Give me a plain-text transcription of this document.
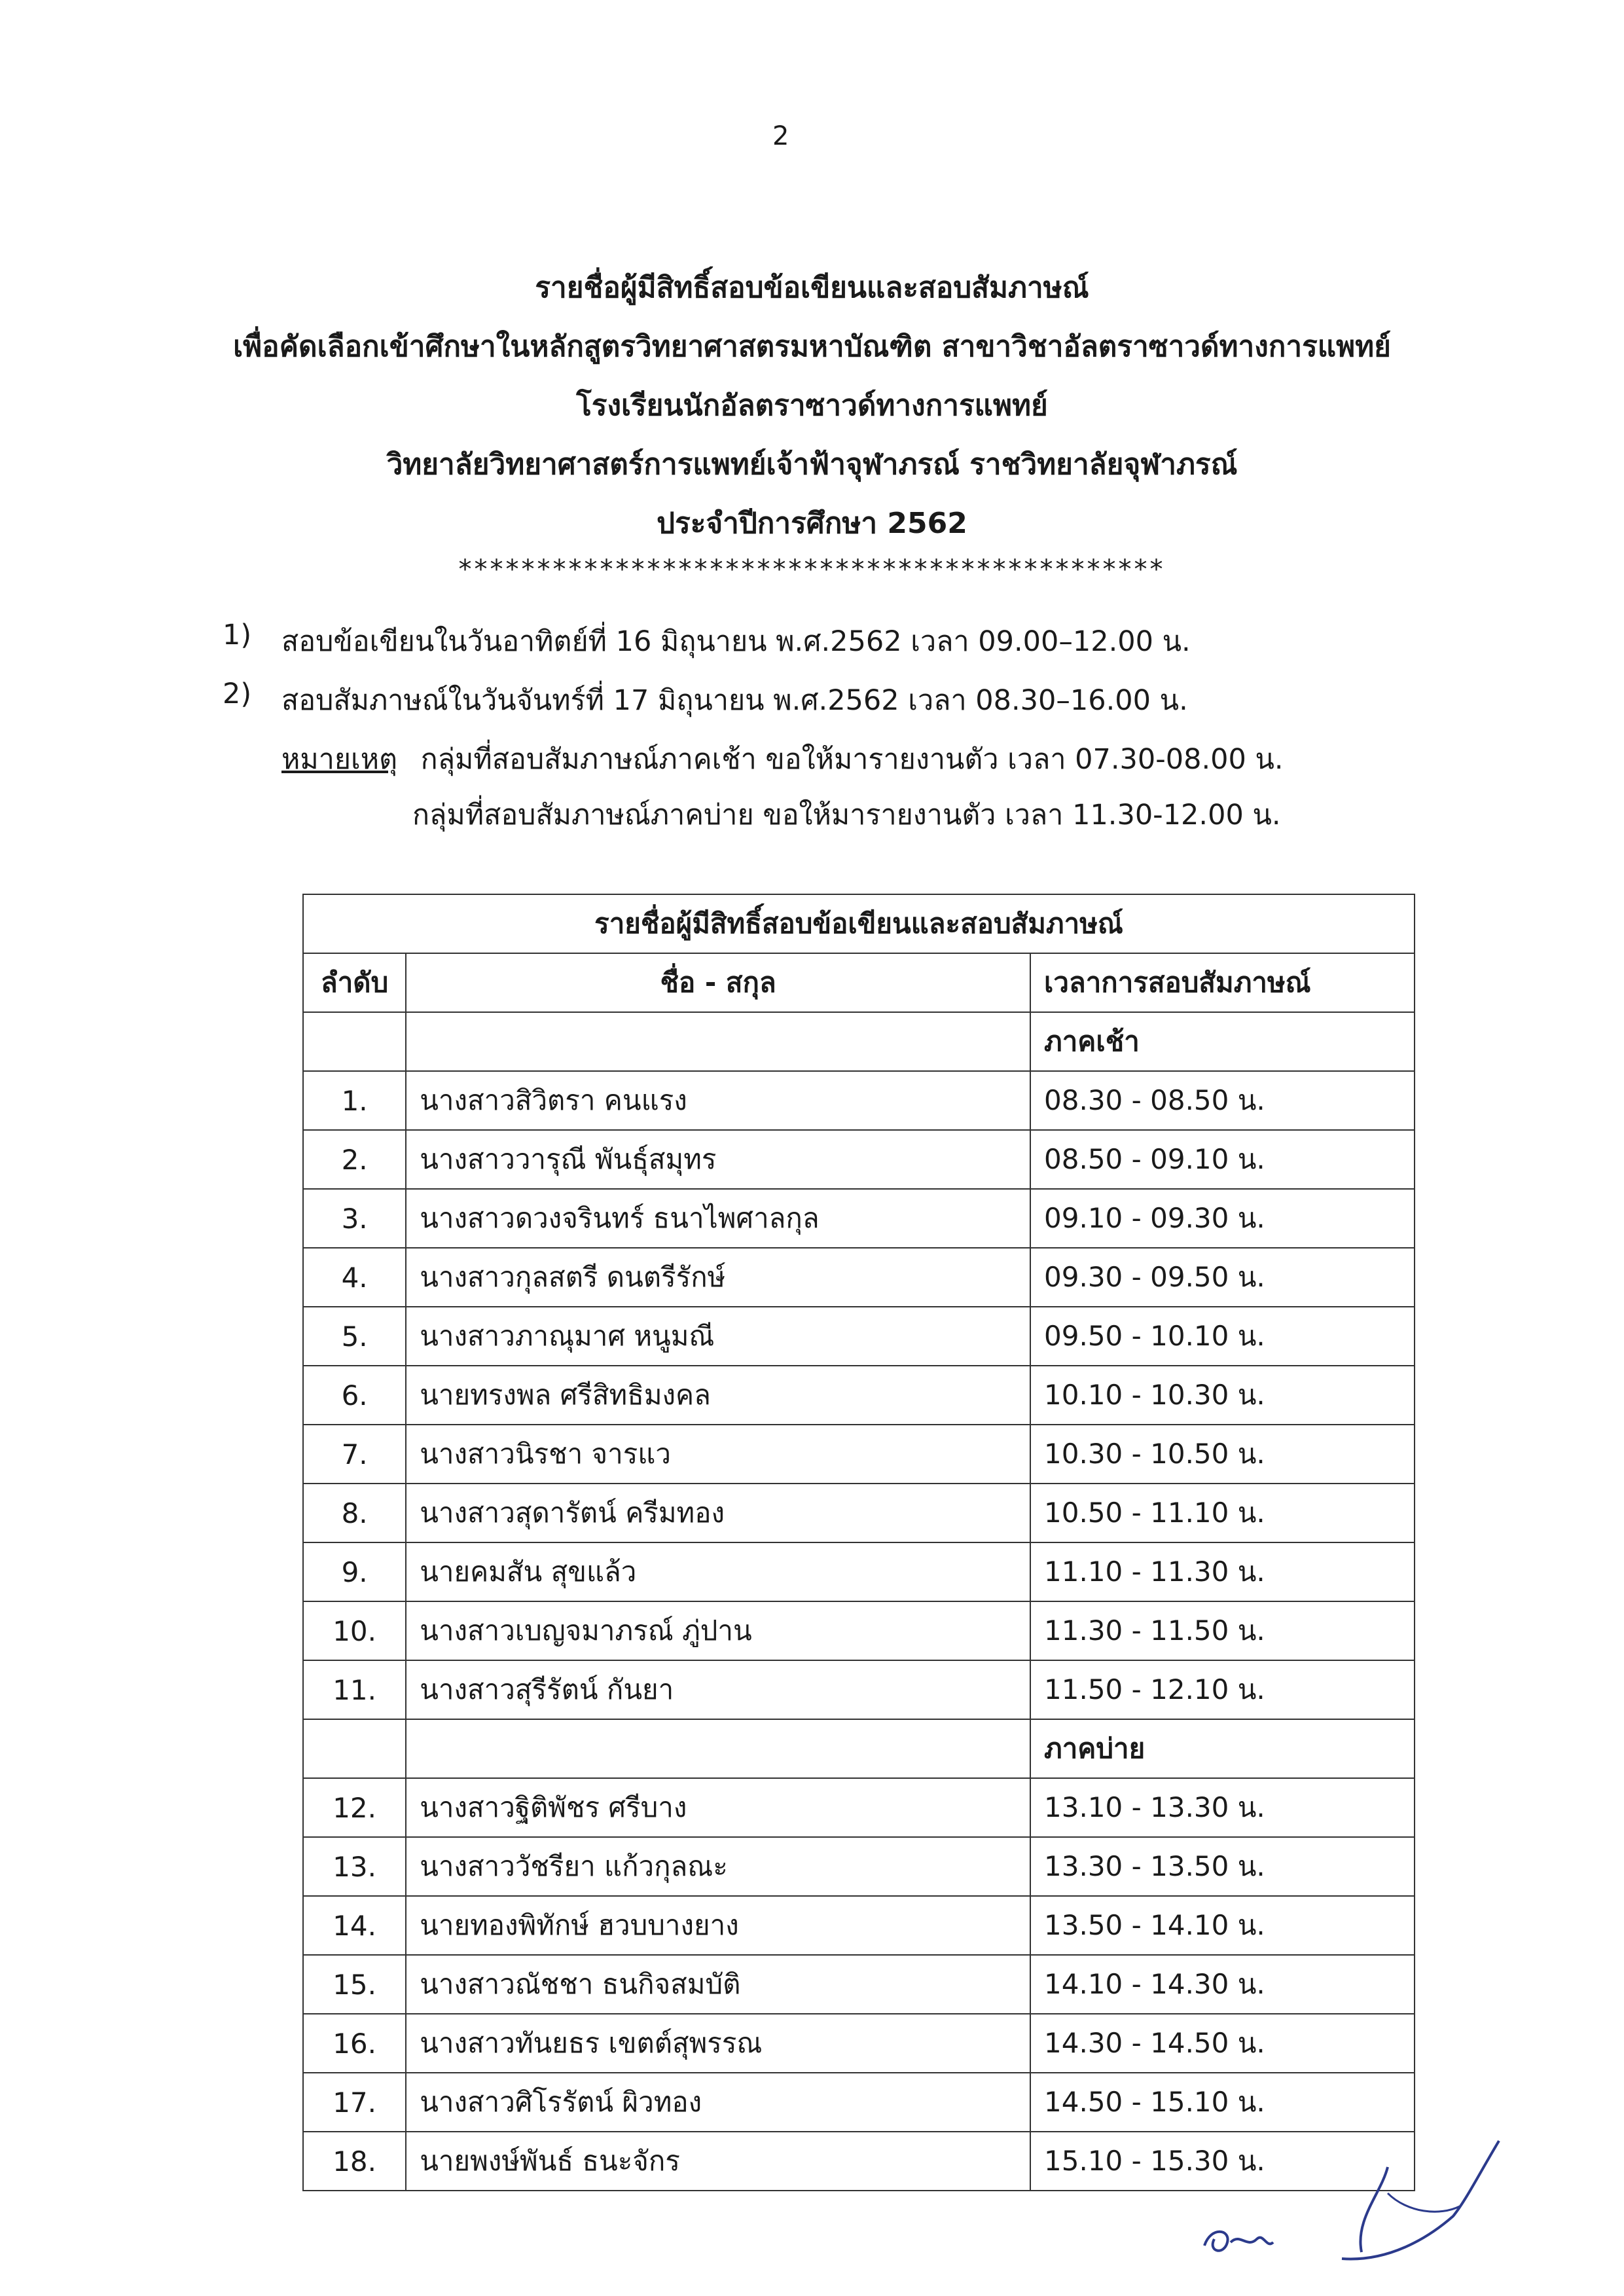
2
รายชื่อผู้มีสิทธิ์สอบข้อเขียนและสอบสัมภาษณ์
เพื่อคัดเลือกเข้าศึกษาในหลักสูตรวิทยาศาสตรมหาบัณฑิต สาขาวิชาอัลตราซาวด์ทางการแพทย์
โรงเรียนนักอัลตราซาวด์ทางการแพทย์
วิทยาลัยวิทยาศาสตร์การแพทย์เจ้าฟ้าจุฬาภรณ์ ราชวิทยาลัยจุฬาภรณ์
ประจำปีการศึกษา 2562
*********************************************
1) สอบข้อเขียนในวันอาทิตย์ที่ 16 มิถุนายน พ.ศ.2562 เวลา 09.00–12.00 น.
2) สอบสัมภาษณ์ในวันจันทร์ที่ 17 มิถุนายน พ.ศ.2562 เวลา 08.30–16.00 น.
หมายเหตุ กลุ่มที่สอบสัมภาษณ์ภาคเช้า ขอให้มารายงานตัว เวลา 07.30-08.00 น.
กลุ่มที่สอบสัมภาษณ์ภาคบ่าย ขอให้มารายงานตัว เวลา 11.30-12.00 น.
รายชื่อผู้มีสิทธิ์สอบข้อเขียนและสอบสัมภาษณ์		
ลำดับ	ชื่อ - สกุล	เวลาการสอบสัมภาษณ์
		ภาคเช้า
1.	นางสาวสิวิตรา คนแรง	08.30 - 08.50 น.
2.	นางสาววารุณี พันธุ์สมุทร	08.50 - 09.10 น.
3.	นางสาวดวงจรินทร์ ธนาไพศาลกุล	09.10 - 09.30 น.
4.	นางสาวกุลสตรี ดนตรีรักษ์	09.30 - 09.50 น.
5.	นางสาวภาณุมาศ หนูมณี	09.50 - 10.10 น.
6.	นายทรงพล ศรีสิทธิมงคล	10.10 - 10.30 น.
7.	นางสาวนิรชา จารแว	10.30 - 10.50 น.
8.	นางสาวสุดารัตน์ ครีมทอง	10.50 - 11.10 น.
9.	นายคมสัน สุขแล้ว	11.10 - 11.30 น.
10.	นางสาวเบญจมาภรณ์ ภู่ปาน	11.30 - 11.50 น.
11.	นางสาวสุรีรัตน์ กันยา	11.50 - 12.10 น.
		ภาคบ่าย
12.	นางสาวฐิติพัชร ศรีบาง	13.10 - 13.30 น.
13.	นางสาววัชรียา แก้วกุลณะ	13.30 - 13.50 น.
14.	นายทองพิทักษ์ ฮวบบางยาง	13.50 - 14.10 น.
15.	นางสาวณัชชา ธนกิจสมบัติ	14.10 - 14.30 น.
16.	นางสาวทันยธร เขตต์สุพรรณ	14.30 - 14.50 น.
17.	นางสาวศิโรรัตน์ ผิวทอง	14.50 - 15.10 น.
18.	นายพงษ์พันธ์ ธนะจักร	15.10 - 15.30 น.
